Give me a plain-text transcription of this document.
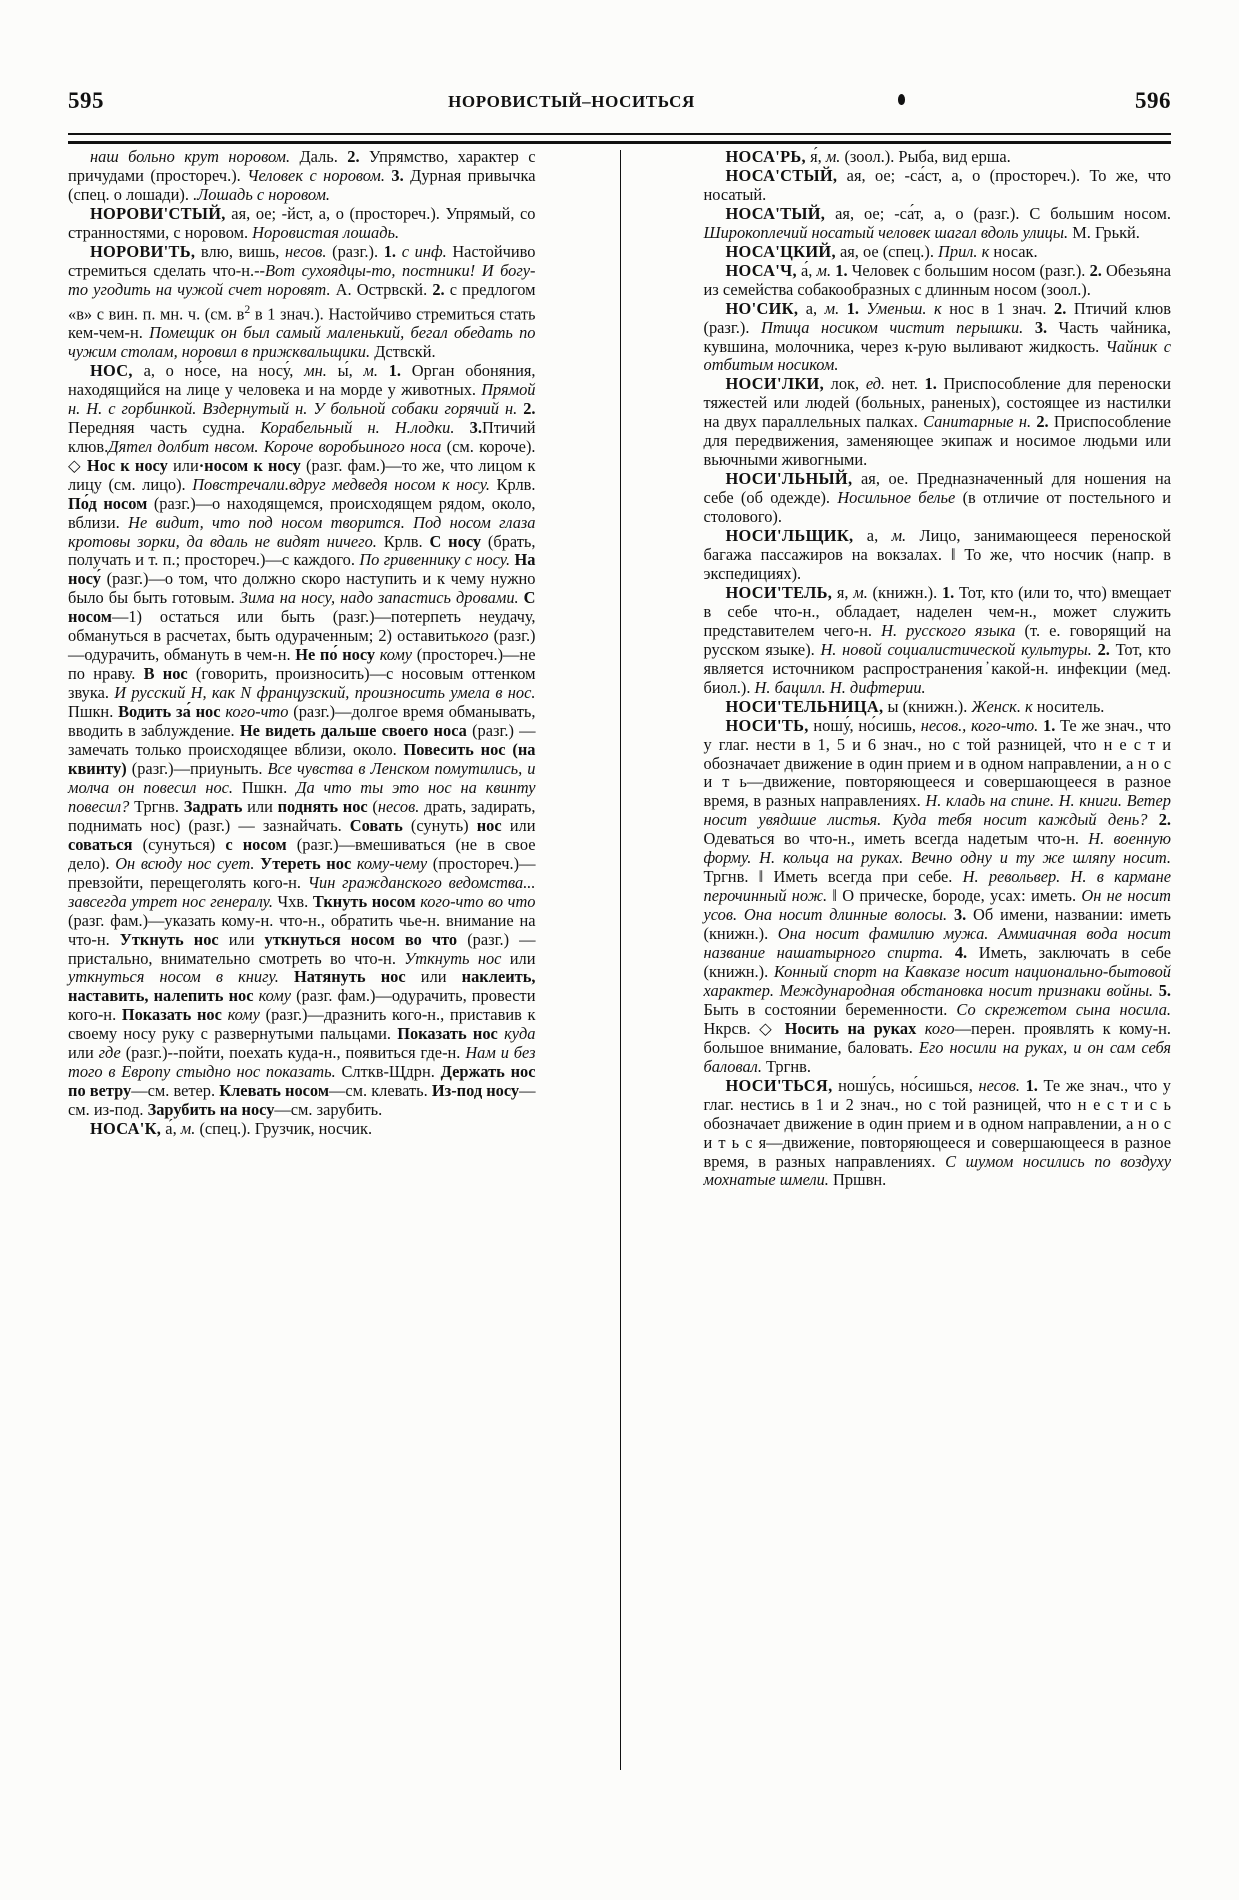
595	НОРОВИСТЫЙ–НОСИТЬСЯ	596

наш больно крут норовом. Даль. 2. Упрямство, характер с причудами (простореч.). Человек с норовом. 3. Дурная привычка (спец. о лошади). .Лошадь с норовом.

НОРОВИ'СТЫЙ, ая, ое; -йст, а, о (простореч.). Упрямый, со странностями, с норовом. Норовистая лошадь.

НОРОВИ'ТЬ, влю, вишь, несов. (разг.). 1. с инф. Настойчиво стремиться сделать что-н.--Вот сухоядцы-то, постники! И богу-то угодить на чужой счет норовят. А. Острвскй. 2. с предлогом «в» с вин. п. мн. ч. (см. $в^2$ в 1 знач.). Настойчиво стремиться стать кем-чем-н. Помещик он был самый маленький, бегал обедать по чужим столам, норовил в прижквальщики. Дствскй.

НОС, а, о но́се, на носу́, мн. ы́, м. 1. Орган обоняния, находящийся на лице у человека и на морде у животных. Прямой н. Н. с горбинкой. Вздернутый н. У больной собаки горячий н. 2. Передняя часть судна. Корабельный н. Н.лодки. 3.Птичий клюв.Дятел долбит нвсом. Короче воробьиного носа (см. короче). ◇ Нос к носу или·носом к носу (разг. фам.)—то же, что лицом к лицу (см. лицо). Повстречали.вдруг медведя носом к носу. Крлв. По́д носом (разг.)—о находящемся, происходящем рядом, около, вблизи. Не видит, что под носом творится. Под носом глаза кротовы зорки, да вдаль не видят ничего. Крлв. С носу (брать, получать и т. п.; простореч.)—с каждого. По гривеннику с носу. На носу́ (разг.)—о том, что должно скоро наступить и к чему нужно было бы быть готовым. Зима на носу, надо запастись дровами. С носом—1) остаться или быть (разг.)—потерпеть неудачу, обмануться в расчетах, быть одураченным; 2) оставитького (разг.)—одурачить, обмануть в чем-н. Не по́ носу кому (простореч.)—не по нраву. В нос (говорить, произносить)—с носовым оттенком звука. И русский Н, как N французский, произносить умела в нос. Пшкн. Водить за́ нос кого-что (разг.)—долгое время обманывать, вводить в заблуждение. Не видеть дальше своего носа (разг.) — замечать только происходящее вблизи, около. Повесить нос (на квинту) (разг.)—приуныть. Все чувства в Ленском помутились, и молча он повесил нос. Пшкн. Да что ты это нос на квинту повесил? Тргнв. Задрать или поднять нос (несов. драть, задирать, поднимать нос) (разг.) — зазнайчать. Совать (сунуть) нос или соваться (сунуться) с носом (разг.)—вмешиваться (не в свое дело). Он всюду нос сует. Утереть нос кому-чему (простореч.)—превзойти, перещеголять кого-н. Чин гражданского ведомства... завсегда утрет нос генералу. Чхв. Ткнуть носом кого-что во что (разг. фам.)—указать кому-н. что-н., обратить чье-н. внимание на что-н. Уткнуть нос или уткнуться носом во что (разг.) — пристально, внимательно смотреть во что-н. Уткнуть нос или уткнуться носом в книгу. Натянуть нос или наклеить, наставить, налепить нос кому (разг. фам.)—одурачить, провести кого-н. Показать нос кому (разг.)—дразнить кого-н., приставив к своему носу руку с развернутыми пальцами. Показать нос куда или где (разг.)--пойти, поехать куда-н., появиться где-н. Нам и без того в Европу стыдно нос показать. Слткв-Щдрн. Держать нос по ветру—см. ветер. Клевать носом—см. клевать. Из-под носу—см. из-под. Зарубить на носу—см. зарубить.

НОСА'К, а́, м. (спец.). Грузчик, носчик.

НОСА'РЬ, я́, м. (зоол.). Рыба, вид ерша.

НОСА'СТЫЙ, ая, ое; -са́ст, а, о (простореч.). То же, что носатый.

НОСА'ТЫЙ, ая, ое; -са́т, а, о (разг.). С большим носом. Широкоплечий носатый человек шагал вдоль улицы. М. Грькй.

НОСА'ЦКИЙ, ая, ое (спец.). Прил. к носак.

НОСА'Ч, а́, м. 1. Человек с большим носом (разг.). 2. Обезьяна из семейства собакообразных с длинным носом (зоол.).

НО'СИК, а, м. 1. Уменьш. к нос в 1 знач. 2. Птичий клюв (разг.). Птица носиком чистит перышки. 3. Часть чайника, кувшина, молочника, через к-рую выливают жидкость. Чайник с отбитым носиком.

НОСИ'ЛКИ, лок, ед. нет. 1. Приспособление для переноски тяжестей или людей (больных, раненых), состоящее из настилки на двух параллельных палках. Санитарные н. 2. Приспособление для передвижения, заменяющее экипаж и носимое людьми или вьючными живогными.

НОСИ'ЛЬНЫЙ, ая, ое. Предназначенный для ношения на себе (об одежде). Носильное белье (в отличие от постельного и столового).

НОСИ'ЛЬЩИК, а, м. Лицо, занимающееся переноской багажа пассажиров на вокзалах. ‖ То же, что носчик (напр. в экспедициях).

НОСИ'ТЕЛЬ, я, м. (книжн.). 1. Тот, кто (или то, что) вмещает в себе что-н., обладает, наделен чем-н., может служить представителем чего-н. Н. русского языка (т. е. говорящий на русском языке). Н. новой социалистической культуры. 2. Тот, кто является источником распространения ̕какой-н. инфекции (мед. биол.). Н. бацилл. Н. дифтерии.

НОСИ'ТЕЛЬНИЦА, ы (книжн.). Женск. к носитель.

НОСИ'ТЬ, ношу́, но́сишь, несов., кого-что. 1. Те же знач., что у глаг. нести в 1, 5 и 6 знач., но с той разницей, что н е с т и обозначает движение в один прием и в одном направлении, а н о с и т ь—движение, повторяющееся и совершающееся в разное время, в разных направлениях. Н. кладь на спине. Н. книги. Ветер носит увядшие листья. Куда тебя носит каждый день? 2. Одеваться во что-н., иметь всегда надетым что-н. Н. военную форму. Н. кольца на руках. Вечно одну и ту же шляпу носит. Тргнв. ‖ Иметь всегда при себе. Н. револьвер. Н. в кармане перочинный нож. ‖ О прическе, бороде, усах: иметь. Он не носит усов. Она носит длинные волосы. 3. Об имени, названии: иметь (книжн.). Она носит фамилию мужа. Аммиачная вода носит название нашатырного спирта. 4. Иметь, заключать в себе (книжн.). Конный спорт на Кавказе носит национально-бытовой характер. Международная обстановка носит признаки войны. 5. Быть в состоянии беременности. Со скрежетом сына носила. Нкрсв. ◇ Носить на руках кого—перен. проявлять к кому-н. большое внимание, баловать. Его носили на руках, и он сам себя баловал. Тргнв.

НОСИ'ТЬСЯ, ношу́сь, но́сишься, несов. 1. Те же знач., что у глаг. нестись в 1 и 2 знач., но с той разницей, что н е с т и с ь обозначает движение в один прием и в одном направлении, а н о с и т ь с я—движение, повторяющееся и совершающееся в разное время, в разных направлениях. С шумом носились по воздуху мохнатые шмели. Пршвн.
